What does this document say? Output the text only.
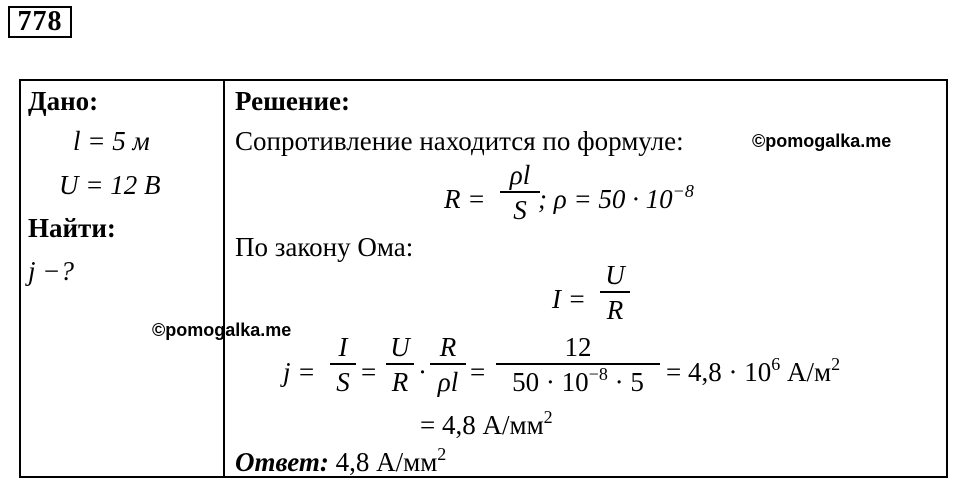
778
Дано:
l = 5 м
U = 12 В
Найти:
j −?
Решение:
Сопротивление находится по формуле:
R =
ρl
S ; $\rho = 50 \cdot 10^{-8}$
По закону Ома:
I =
U
R
j =
I
S =
U
R ·
R
ρl =
12
$50 \cdot 10^{-8} \cdot 5 = 4,8 \cdot 10^6$ $А/м^2$
= 4,8 $А/мм^2$
Ответ: 4,8 $А/мм^2$
©pomogalka.me
©pomogalka.me
